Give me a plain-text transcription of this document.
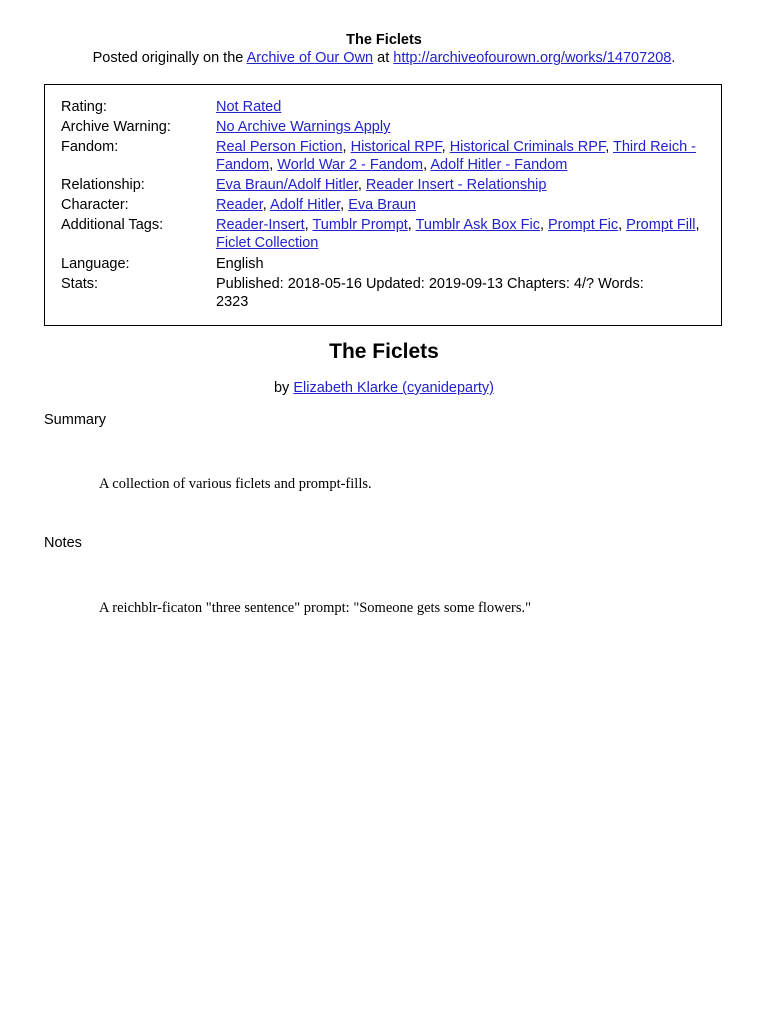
The Ficlets
Posted originally on the Archive of Our Own at http://archiveofourown.org/works/14707208.
Rating:	Not Rated
Archive Warning:	No Archive Warnings Apply
Fandom:	Real Person Fiction, Historical RPF, Historical Criminals RPF, Third Reich - Fandom, World War 2 - Fandom, Adolf Hitler - Fandom
Relationship:	Eva Braun/Adolf Hitler, Reader Insert - Relationship
Character:	Reader, Adolf Hitler, Eva Braun
Additional Tags:	Reader-Insert, Tumblr Prompt, Tumblr Ask Box Fic, Prompt Fic, Prompt Fill, Ficlet Collection
Language:	English
Stats:	Published: 2018-05-16 Updated: 2019-09-13 Chapters: 4/? Words:
2323
The Ficlets
by Elizabeth Klarke (cyanideparty)
Summary
A collection of various ficlets and prompt-fills.
Notes
A reichblr-ficaton "three sentence" prompt: "Someone gets some flowers."
